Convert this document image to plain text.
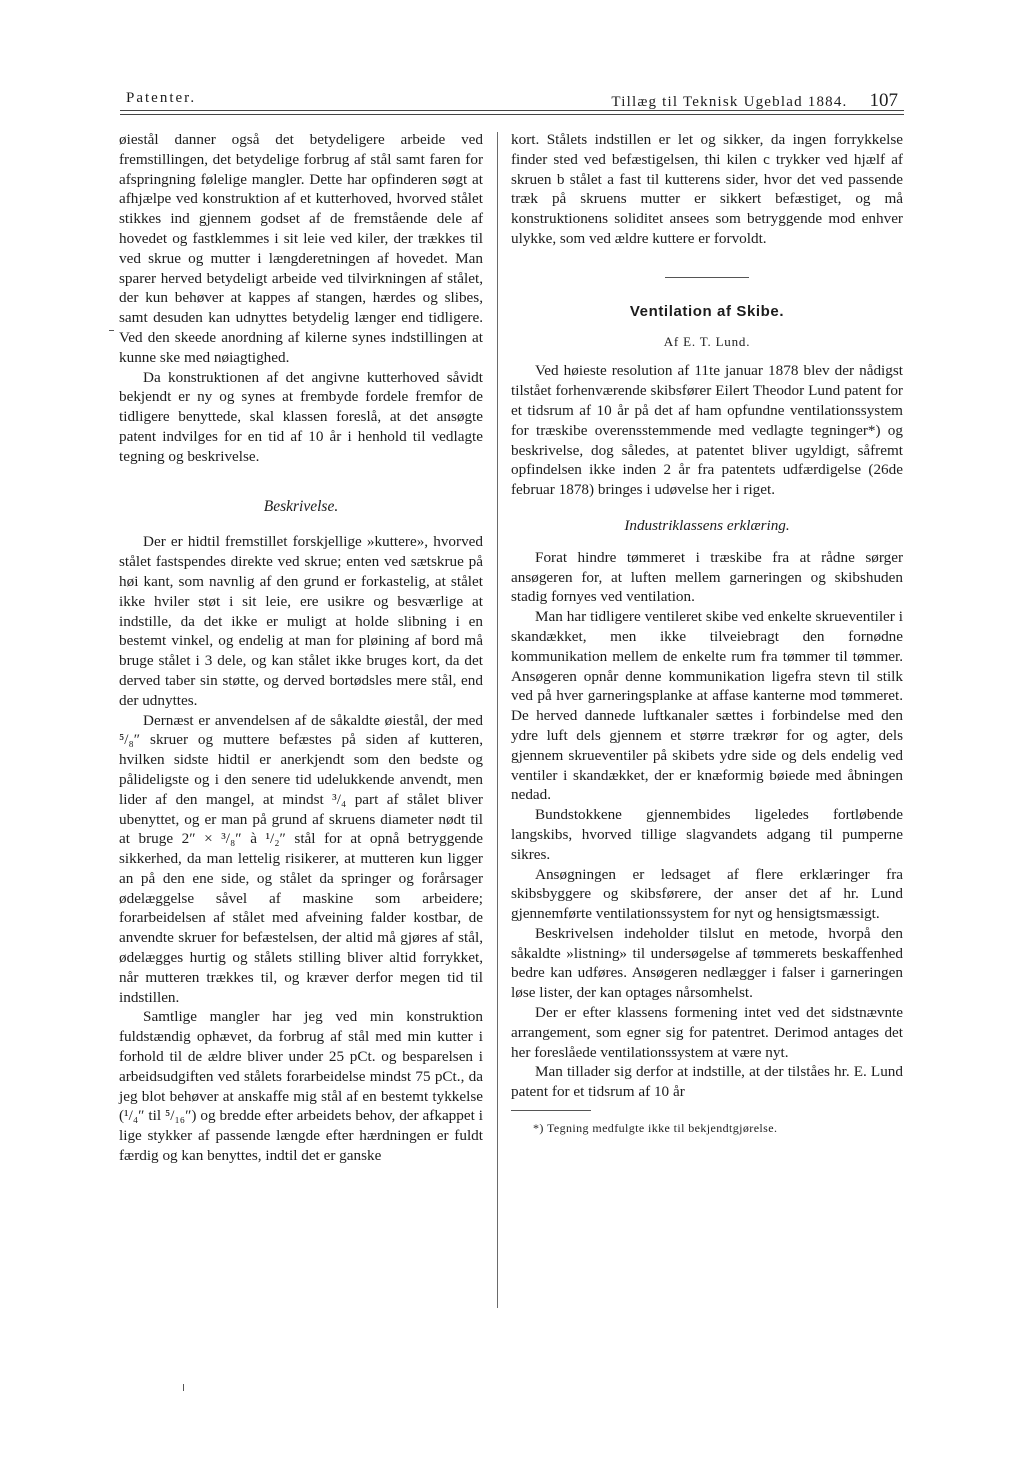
Patenter.	Tillæg til Teknisk Ugeblad 1884. 107

øiestål danner også det betydeligere arbeide ved fremstillingen, det betydelige forbrug af stål samt faren for afspringning følelige mangler. Dette har opfinderen søgt at afhjælpe ved konstruktion af et kutterhoved, hvorved stålet stikkes ind gjennem godset af de fremstående dele af hovedet og fastklemmes i sit leie ved kiler, der trækkes til ved skrue og mutter i længderetningen af hovedet. Man sparer herved betydeligt arbeide ved tilvirkningen af stålet, der kun behøver at kappes af stangen, hærdes og slibes, samt desuden kan udnyttes betydelig længer end tidligere. Ved den skeede anordning af kilerne synes indstillingen at kunne ske med nøiagtighed.

Da konstruktionen af det angivne kutterhoved såvidt bekjendt er ny og synes at frembyde fordele fremfor de tidligere benyttede, skal klassen foreslå, at det ansøgte patent indvilges for en tid af 10 år i henhold til vedlagte tegning og beskrivelse.

Beskrivelse.

Der er hidtil fremstillet forskjellige »kuttere», hvorved stålet fastspendes direkte ved skrue; enten ved sætskrue på høi kant, som navnlig af den grund er forkastelig, at stålet ikke hviler støt i sit leie, ere usikre og besværlige at indstille, da det ikke er muligt at holde slibning i en bestemt vinkel, og endelig at man for pløining af bord må bruge stålet i 3 dele, og kan stålet ikke bruges kort, da det derved taber sin støtte, og derved bortødsles mere stål, end der udnyttes.

Dernæst er anvendelsen af de såkaldte øiestål, der med ⁵/₈″ skruer og muttere befæstes på siden af kutteren, hvilken sidste hidtil er anerkjendt som den bedste og pålideligste og i den senere tid udelukkende anvendt, men lider af den mangel, at mindst ³/₄ part af stålet bliver ubenyttet, og er man på grund af skruens diameter nødt til at bruge 2″ × ³/₈″ à ¹/₂″ stål for at opnå betryggende sikkerhed, da man lettelig risikerer, at mutteren kun ligger an på den ene side, og stålet da springer og forårsager ødelæggelse såvel af maskine som arbeidere; forarbeidelsen af stålet med afveining falder kostbar, de anvendte skruer for befæstelsen, der altid må gjøres af stål, ødelægges hurtig og stålets stilling bliver altid forrykket, når mutteren trækkes til, og kræver derfor megen tid til indstillen.

Samtlige mangler har jeg ved min konstruktion fuldstændig ophævet, da forbrug af stål med min kutter i forhold til de ældre bliver under 25 pCt. og besparelsen i arbeidsudgiften ved stålets forarbeidelse mindst 75 pCt., da jeg blot behøver at anskaffe mig stål af en bestemt tykkelse (¹/₄″ til ⁵/₁₆″) og bredde efter arbeidets behov, der afkappet i lige stykker af passende længde efter hærdningen er fuldt færdig og kan benyttes, indtil det er ganske

kort. Stålets indstillen er let og sikker, da ingen forrykkelse finder sted ved befæstigelsen, thi kilen c trykker ved hjælf af skruen b stålet a fast til kutterens sider, hvor det ved passende træk på skruens mutter er sikkert befæstiget, og må konstruktionens soliditet ansees som betryggende mod enhver ulykke, som ved ældre kuttere er forvoldt.

Ventilation af Skibe.
Af E. T. Lund.

Ved høieste resolution af 11te januar 1878 blev der nådigst tilstået forhenværende skibsfører Eilert Theodor Lund patent for et tidsrum af 10 år på det af ham opfundne ventilationssystem for træskibe overensstemmende med vedlagte tegninger*) og beskrivelse, dog således, at patentet bliver ugyldigt, såfremt opfindelsen ikke inden 2 år fra patentets udfærdigelse (26de februar 1878) bringes i udøvelse her i riget.

Industriklassens erklæring.

Forat hindre tømmeret i træskibe fra at rådne sørger ansøgeren for, at luften mellem garneringen og skibshuden stadig fornyes ved ventilation.

Man har tidligere ventileret skibe ved enkelte skrueventiler i skandækket, men ikke tilveiebragt den fornødne kommunikation mellem de enkelte rum fra tømmer til tømmer. Ansøgeren opnår denne kommunikation ligefra stevn til stilk ved på hver garneringsplanke at affase kanterne mod tømmeret. De herved dannede luftkanaler sættes i forbindelse med den ydre luft dels gjennem et større trækrør for og agter, dels gjennem skrueventiler på skibets ydre side og dels endelig ved ventiler i skandækket, der er knæformig bøiede med åbningen nedad.

Bundstokkene gjennembides ligeledes fortløbende langskibs, hvorved tillige slagvandets adgang til pumperne sikres.

Ansøgningen er ledsaget af flere erklæringer fra skibsbyggere og skibsførere, der anser det af hr. Lund gjennemførte ventilationssystem for nyt og hensigtsmæssigt.

Beskrivelsen indeholder tilslut en metode, hvorpå den såkaldte »listning» til undersøgelse af tømmerets beskaffenhed bedre kan udføres. Ansøgeren nedlægger i falser i garneringen løse lister, der kan optages nårsomhelst.

Der er efter klassens formening intet ved det sidstnævnte arrangement, som egner sig for patentret. Derimod antages det her foreslåede ventilationssystem at være nyt.

Man tillader sig derfor at indstille, at der tilståes hr. E. Lund patent for et tidsrum af 10 år

*) Tegning medfulgte ikke til bekjendtgjørelse.
